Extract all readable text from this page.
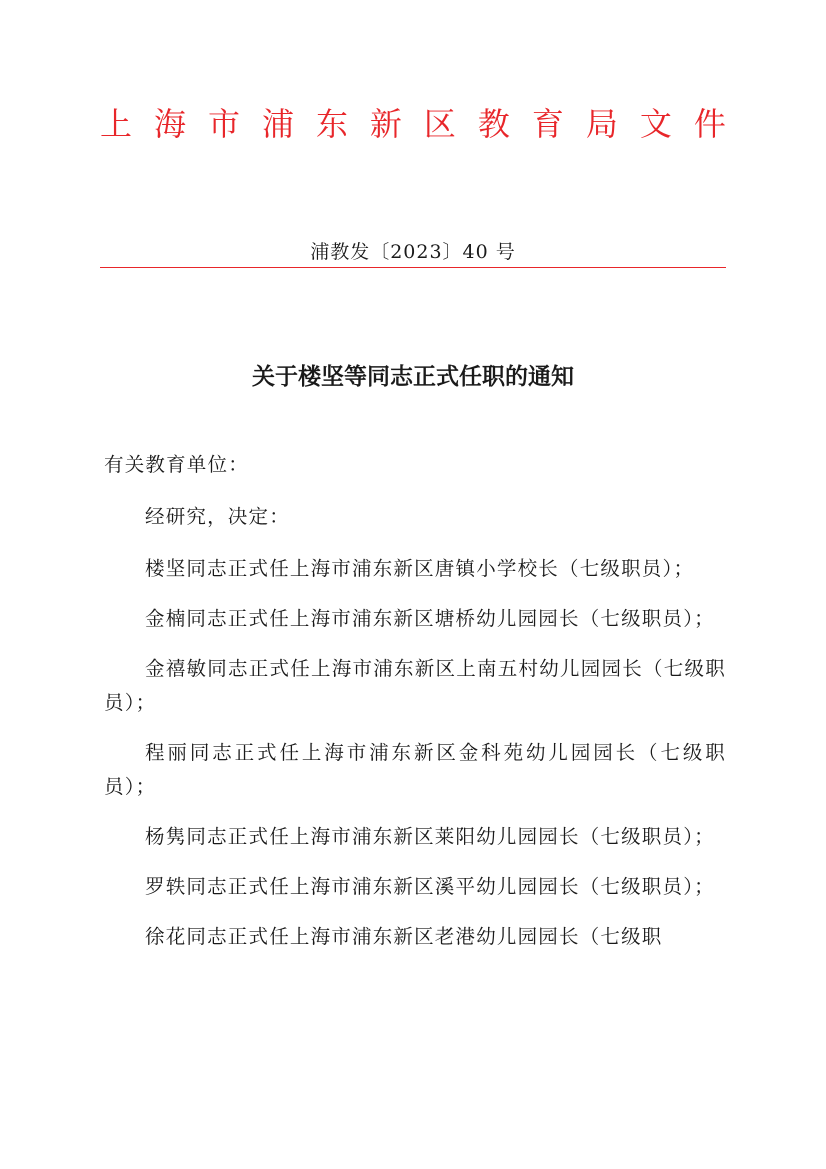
上 海 市 浦 东 新 区 教 育 局 文 件
浦教发〔2023〕40 号
关于楼坚等同志正式任职的通知

有关教育单位：

经研究，决定：

楼坚同志正式任上海市浦东新区唐镇小学校长（七级职员）；

金楠同志正式任上海市浦东新区塘桥幼儿园园长（七级职员）；

金禧敏同志正式任上海市浦东新区上南五村幼儿园园长（七级职员）；

程丽同志正式任上海市浦东新区金科苑幼儿园园长（七级职员）；

杨隽同志正式任上海市浦东新区莱阳幼儿园园长（七级职员）；

罗轶同志正式任上海市浦东新区溪平幼儿园园长（七级职员）；

徐花同志正式任上海市浦东新区老港幼儿园园长（七级职
